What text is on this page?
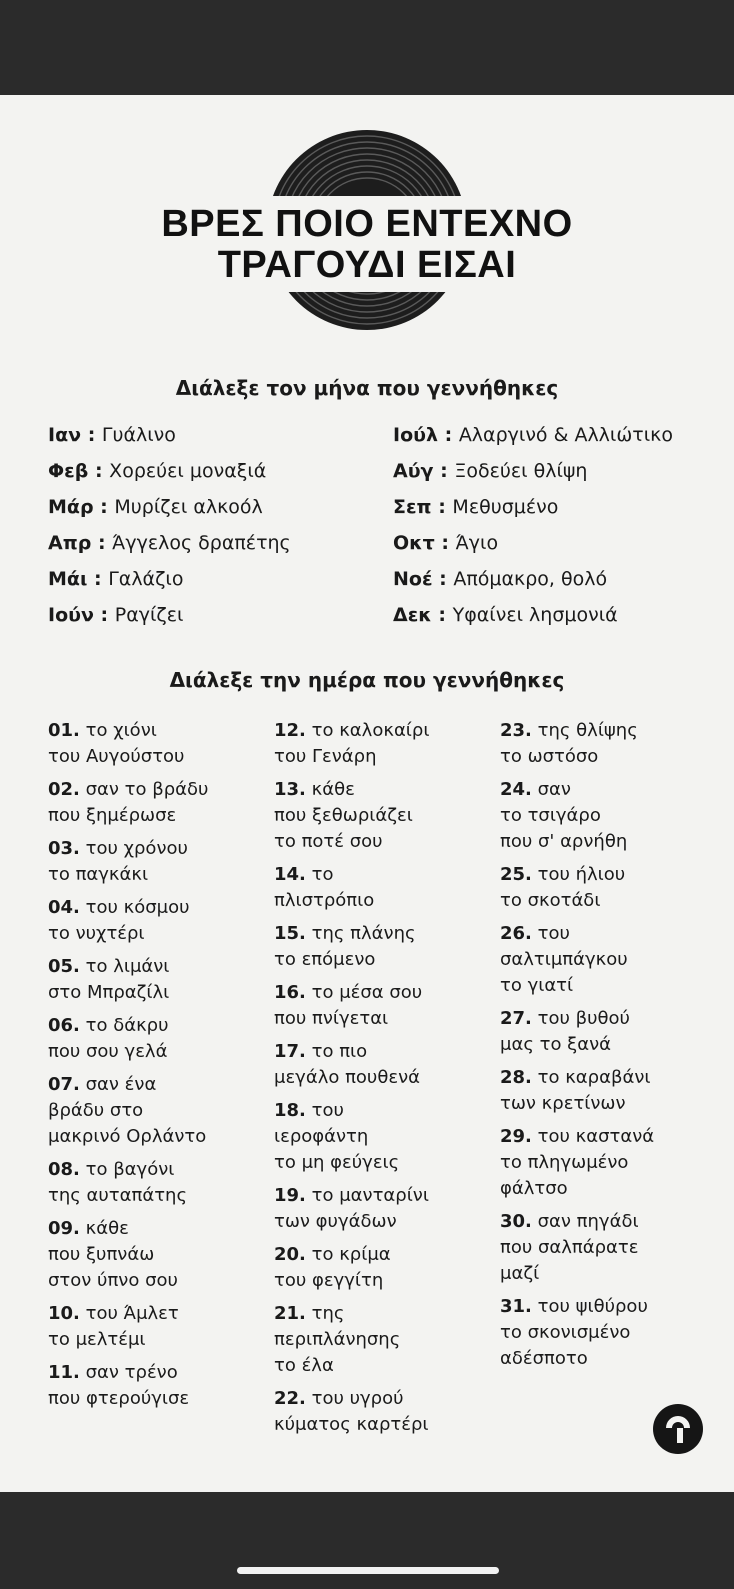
ΒΡΕΣ ΠΟΙΟ ΕΝΤΕΧΝΟ
ΤΡΑΓΟΥΔΙ ΕΙΣΑΙ
Διάλεξε τον μήνα που γεννήθηκες
Ιαν : Γυάλινο
Φεβ : Χορεύει μοναξιά
Μάρ : Μυρίζει αλκοόλ
Απρ : Άγγελος δραπέτης
Μάι : Γαλάζιο
Ιούν : Ραγίζει
Ιούλ : Αλαργινό & Αλλιώτικο
Αύγ : Ξοδεύει θλίψη
Σεπ : Μεθυσμένο
Οκτ : Άγιο
Νοέ : Απόμακρο, θολό
Δεκ : Υφαίνει λησμονιά
Διάλεξε την ημέρα που γεννήθηκες
01. το χιόνι
του Αυγούστου
02. σαν το βράδυ
που ξημέρωσε
03. του χρόνου
το παγκάκι
04. του κόσμου
το νυχτέρι
05. το λιμάνι
στο Μπραζίλι
06. το δάκρυ
που σου γελά
07. σαν ένα
βράδυ στο
μακρινό Ορλάντο
08. το βαγόνι
της αυταπάτης
09. κάθε
που ξυπνάω
στον ύπνο σου
10. του Άμλετ
το μελτέμι
11. σαν τρένο
που φτερούγισε
12. το καλοκαίρι
του Γενάρη
13. κάθε
που ξεθωριάζει
το ποτέ σου
14. το
πλιστρόπιο
15. της πλάνης
το επόμενο
16. το μέσα σου
που πνίγεται
17. το πιο
μεγάλο πουθενά
18. του
ιεροφάντη
το μη φεύγεις
19. το μανταρίνι
των φυγάδων
20. το κρίμα
του φεγγίτη
21. της
περιπλάνησης
το έλα
22. του υγρού
κύματος καρτέρι
23. της θλίψης
το ωστόσο
24. σαν
το τσιγάρο
που σ' αρνήθη
25. του ήλιου
το σκοτάδι
26. του
σαλτιμπάγκου
το γιατί
27. του βυθού
μας το ξανά
28. το καραβάνι
των κρετίνων
29. του καστανά
το πληγωμένο
φάλτσο
30. σαν πηγάδι
που σαλπάρατε
μαζί
31. του ψιθύρου
το σκονισμένο
αδέσποτο
